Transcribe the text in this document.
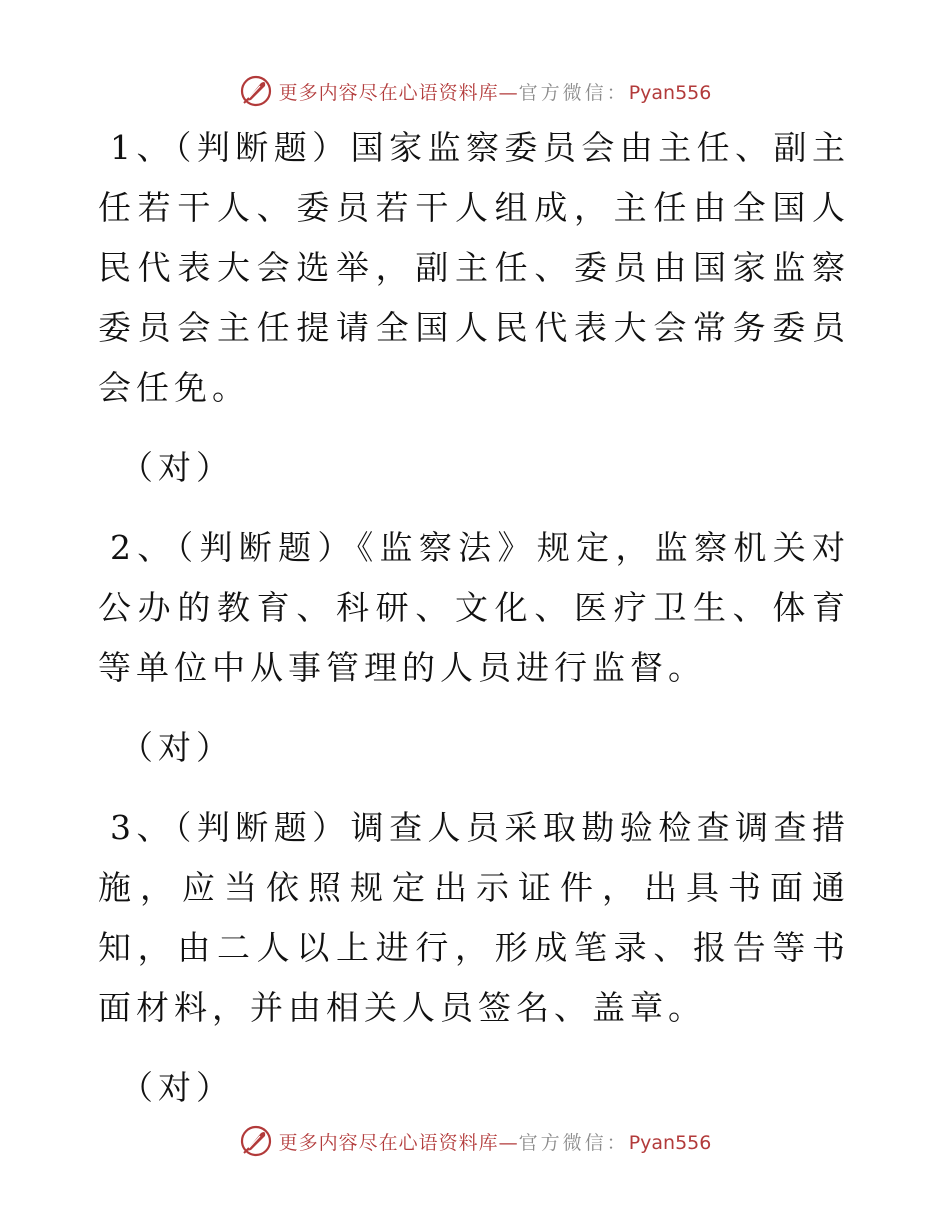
更多内容尽在心语资料库—官方微信：Pyan556

1、（判断题）国家监察委员会由主任、副主任若干人、委员若干人组成，主任由全国人民代表大会选举，副主任、委员由国家监察委员会主任提请全国人民代表大会常务委员会任免。

（对）

2、（判断题）《监察法》规定，监察机关对公办的教育、科研、文化、医疗卫生、体育等单位中从事管理的人员进行监督。

（对）

3、（判断题）调查人员采取勘验检查调查措施，应当依照规定出示证件，出具书面通知，由二人以上进行，形成笔录、报告等书面材料，并由相关人员签名、盖章。

（对）

更多内容尽在心语资料库—官方微信：Pyan556
